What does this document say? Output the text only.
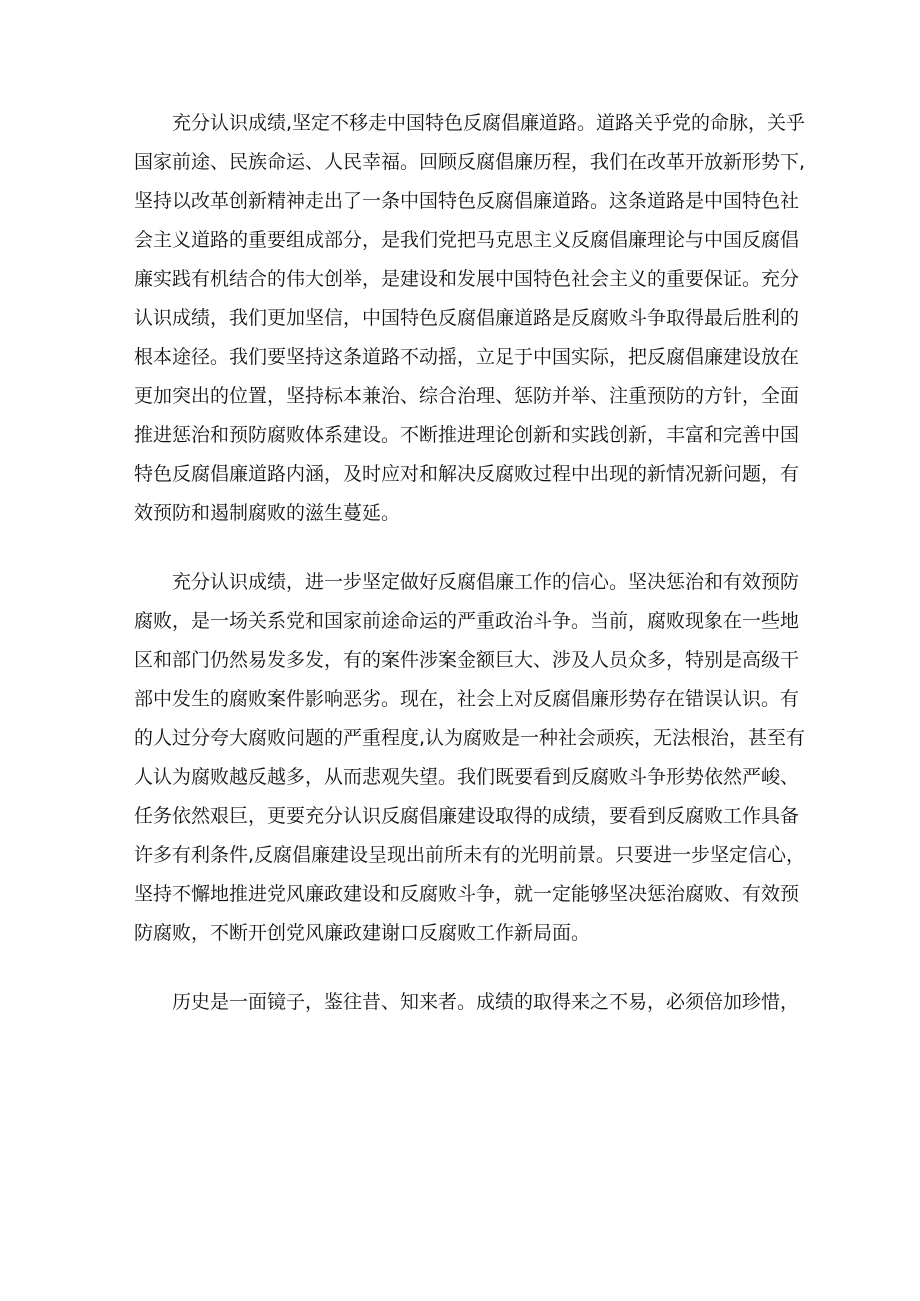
充分认识成绩,坚定不移走中国特色反腐倡廉道路。道路关乎党的命脉，关乎
国家前途、民族命运、人民幸福。回顾反腐倡廉历程，我们在改革开放新形势下,
坚持以改革创新精神走出了一条中国特色反腐倡廉道路。这条道路是中国特色社
会主义道路的重要组成部分，是我们党把马克思主义反腐倡廉理论与中国反腐倡
廉实践有机结合的伟大创举，是建设和发展中国特色社会主义的重要保证。充分
认识成绩，我们更加坚信，中国特色反腐倡廉道路是反腐败斗争取得最后胜利的
根本途径。我们要坚持这条道路不动摇，立足于中国实际，把反腐倡廉建设放在
更加突出的位置，坚持标本兼治、综合治理、惩防并举、注重预防的方针，全面
推进惩治和预防腐败体系建设。不断推进理论创新和实践创新，丰富和完善中国
特色反腐倡廉道路内涵，及时应对和解决反腐败过程中出现的新情况新问题，有
效预防和遏制腐败的滋生蔓延。
充分认识成绩，进一步坚定做好反腐倡廉工作的信心。坚决惩治和有效预防
腐败，是一场关系党和国家前途命运的严重政治斗争。当前，腐败现象在一些地
区和部门仍然易发多发，有的案件涉案金额巨大、涉及人员众多，特别是高级干
部中发生的腐败案件影响恶劣。现在，社会上对反腐倡廉形势存在错误认识。有
的人过分夸大腐败问题的严重程度,认为腐败是一种社会顽疾，无法根治，甚至有
人认为腐败越反越多，从而悲观失望。我们既要看到反腐败斗争形势依然严峻、
任务依然艰巨，更要充分认识反腐倡廉建设取得的成绩，要看到反腐败工作具备
许多有利条件,反腐倡廉建设呈现出前所未有的光明前景。只要进一步坚定信心，
坚持不懈地推进党风廉政建设和反腐败斗争，就一定能够坚决惩治腐败、有效预
防腐败，不断开创党风廉政建谢口反腐败工作新局面。
历史是一面镜子，鉴往昔、知来者。成绩的取得来之不易，必须倍加珍惜，
